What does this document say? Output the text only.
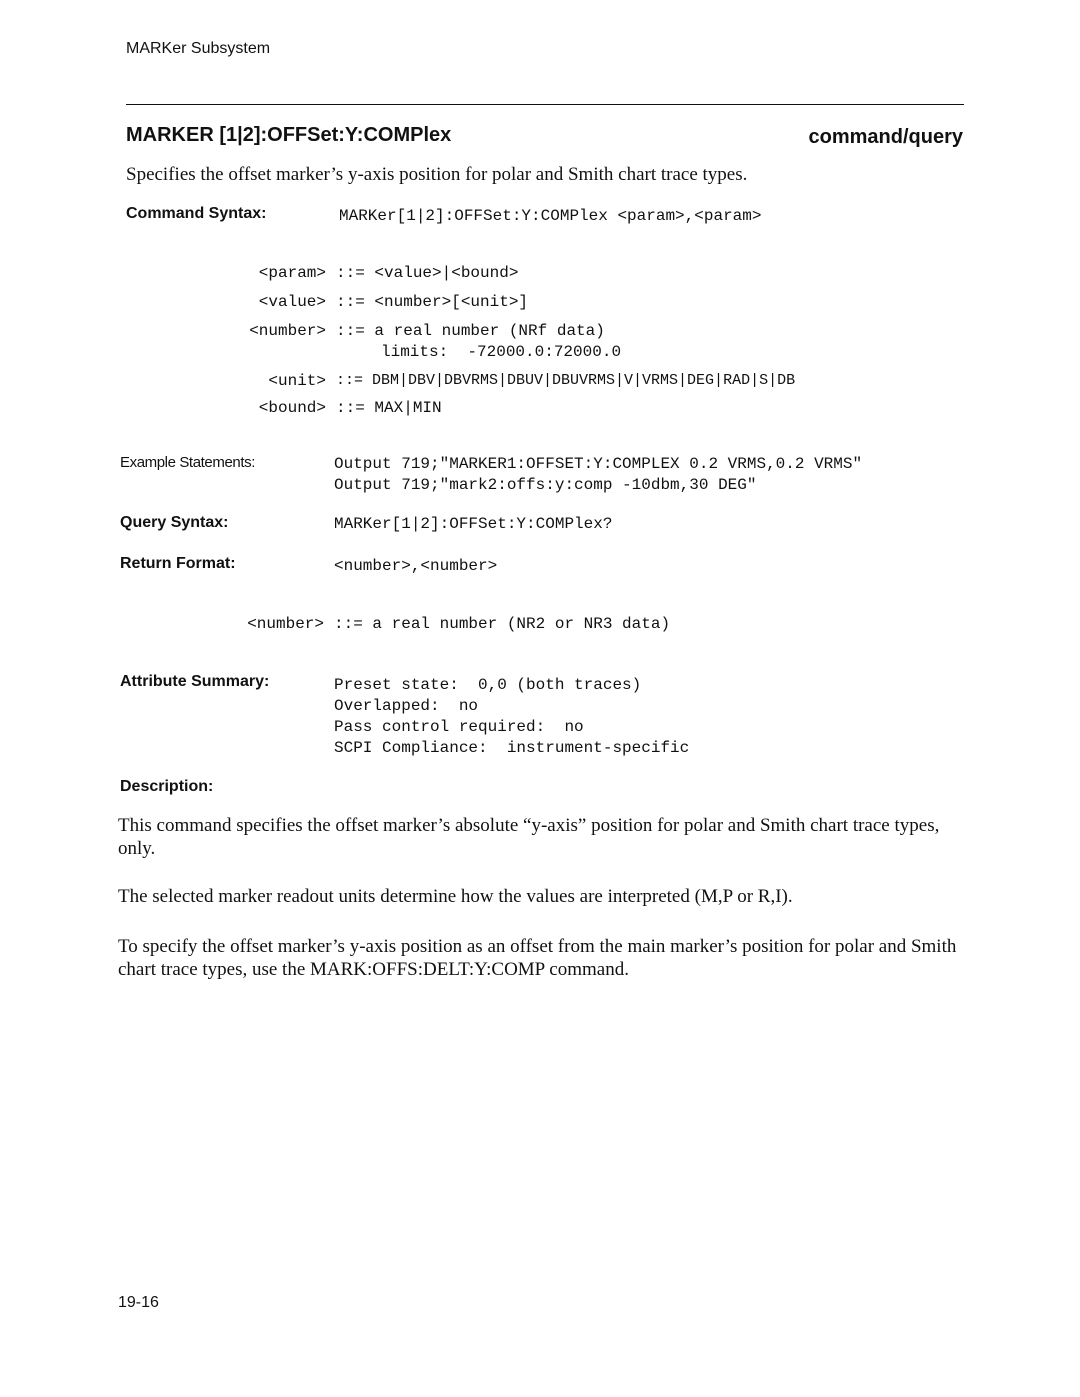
MARKer Subsystem
MARKER [1|2]:OFFSet:Y:COMPlex	command/query
Specifies the offset marker’s y-axis position for polar and Smith chart trace types.
Command Syntax:	MARKer[1|2]:OFFSet:Y:COMPlex <param>,<param>
<param> ::= <value>|<bound>
<value> ::= <number>[<unit>]
<number> ::= a real number (NRf data)
limits:  -72000.0:72000.0
<unit> ::= DBM|DBV|DBVRMS|DBUV|DBUVRMS|V|VRMS|DEG|RAD|S|DB
<bound> ::= MAX|MIN
Example Statements:	Output 719;"MARKER1:OFFSET:Y:COMPLEX 0.2 VRMS,0.2 VRMS"
Output 719;"mark2:offs:y:comp -10dbm,30 DEG"
Query Syntax:	MARKer[1|2]:OFFSet:Y:COMPlex?
Return Format:	<number>,<number>
<number> ::= a real number (NR2 or NR3 data)
Attribute Summary:	Preset state:  0,0 (both traces)
Overlapped:  no
Pass control required:  no
SCPI Compliance:  instrument-specific
Description:
This command specifies the offset marker’s absolute “y-axis” position for polar and Smith chart trace types, only.
The selected marker readout units determine how the values are interpreted (M,P or R,I).
To specify the offset marker’s y-axis position as an offset from the main marker’s position for polar and Smith chart trace types, use the MARK:OFFS:DELT:Y:COMP command.
19-16
